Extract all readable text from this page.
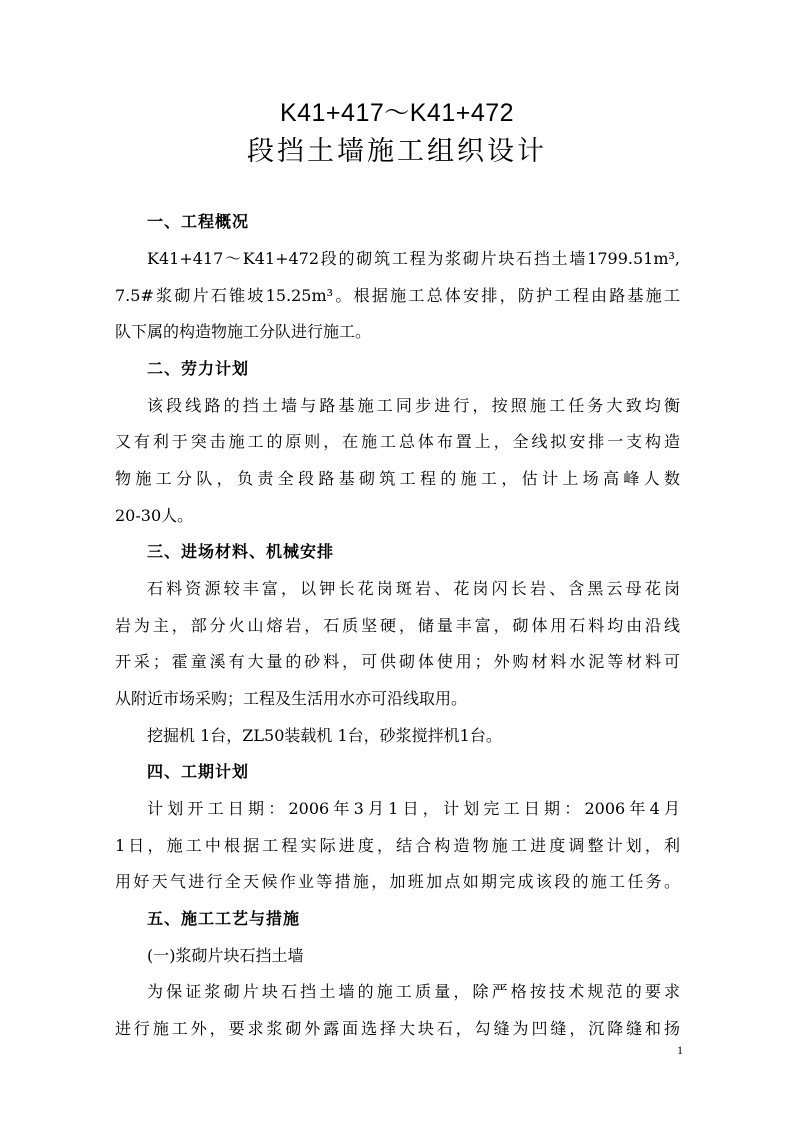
K41+417～K41+472
段挡土墙施工组织设计
一、工程概况
K41+417～K41+472段的砌筑工程为浆砌片块石挡土墙1799.51m³,
7.5#浆砌片石锥坡15.25m³。根据施工总体安排，防护工程由路基施工
队下属的构造物施工分队进行施工。
二、劳力计划
该段线路的挡土墙与路基施工同步进行，按照施工任务大致均衡
又有利于突击施工的原则，在施工总体布置上，全线拟安排一支构造
物施工分队，负责全段路基砌筑工程的施工，估计上场高峰人数
20-30人。
三、进场材料、机械安排
石料资源较丰富，以钾长花岗斑岩、花岗闪长岩、含黑云母花岗
岩为主，部分火山熔岩，石质坚硬，储量丰富，砌体用石料均由沿线
开采；霍童溪有大量的砂料，可供砌体使用；外购材料水泥等材料可
从附近市场采购；工程及生活用水亦可沿线取用。
挖掘机 1台，ZL50装载机 1台，砂浆搅拌机1台。
四、工期计划
计划开工日期：2006年3月1日，计划完工日期：2006年4月
1日，施工中根据工程实际进度，结合构造物施工进度调整计划，利
用好天气进行全天候作业等措施，加班加点如期完成该段的施工任务。
五、施工工艺与措施
(一)浆砌片块石挡土墙
为保证浆砌片块石挡土墙的施工质量，除严格按技术规范的要求
进行施工外，要求浆砌外露面选择大块石，勾缝为凹缝，沉降缝和扬
1
